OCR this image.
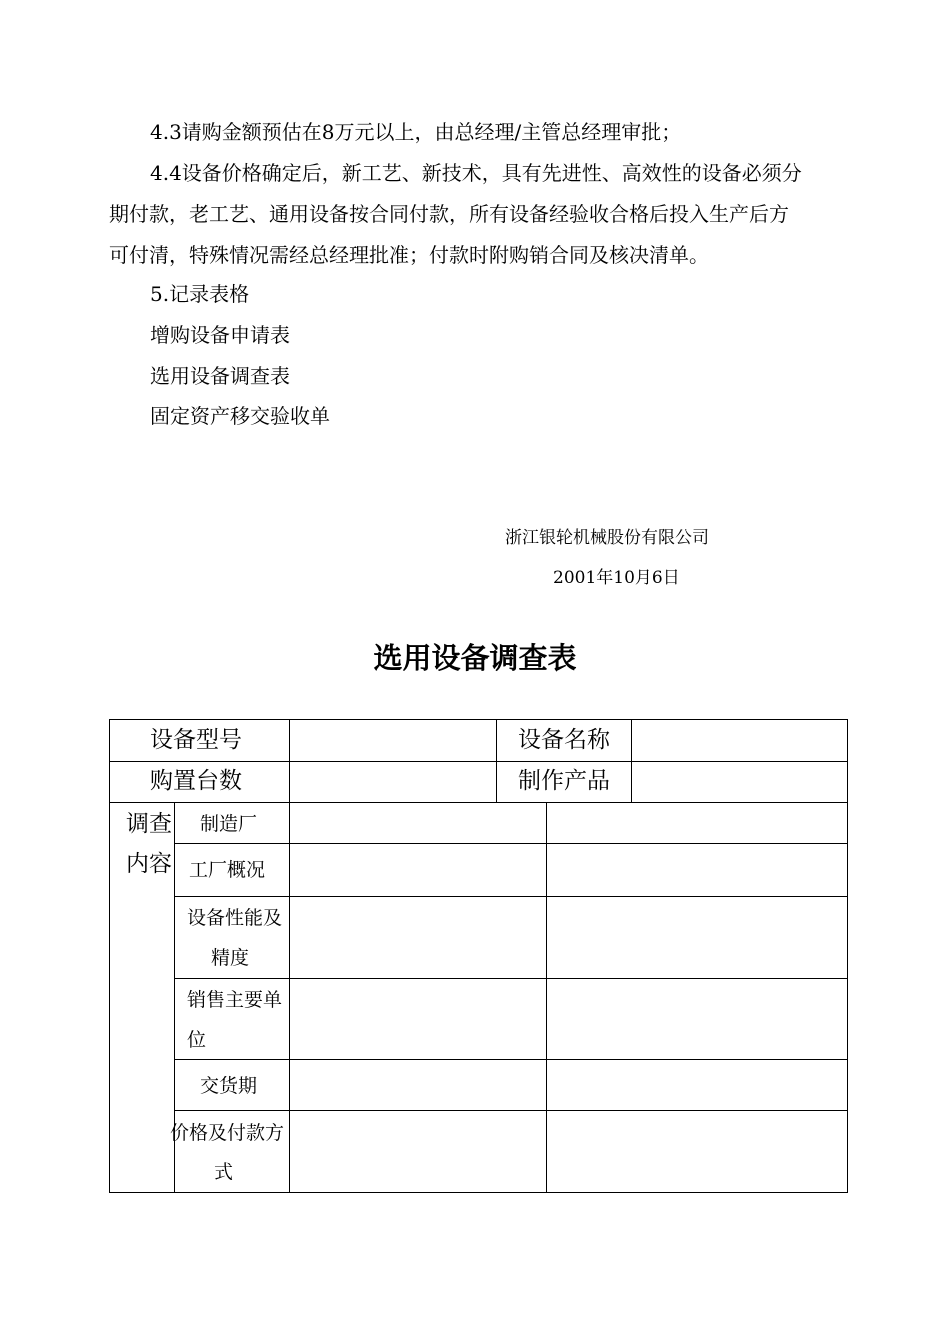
4.3请购金额预估在8万元以上，由总经理/主管总经理审批；
4.4设备价格确定后，新工艺、新技术，具有先进性、高效性的设备必须分
期付款，老工艺、通用设备按合同付款，所有设备经验收合格后投入生产后方
可付清，特殊情况需经总经理批准；付款时附购销合同及核决清单。
5.记录表格
增购设备申请表
选用设备调查表
固定资产移交验收单
浙江银轮机械股份有限公司
2001年10月6日
选用设备调查表
设备型号	设备名称
购置台数	制作产品
调查
内容
制造厂
工厂概况
设备性能及
精度
销售主要单
位
交货期
价格及付款方
式
